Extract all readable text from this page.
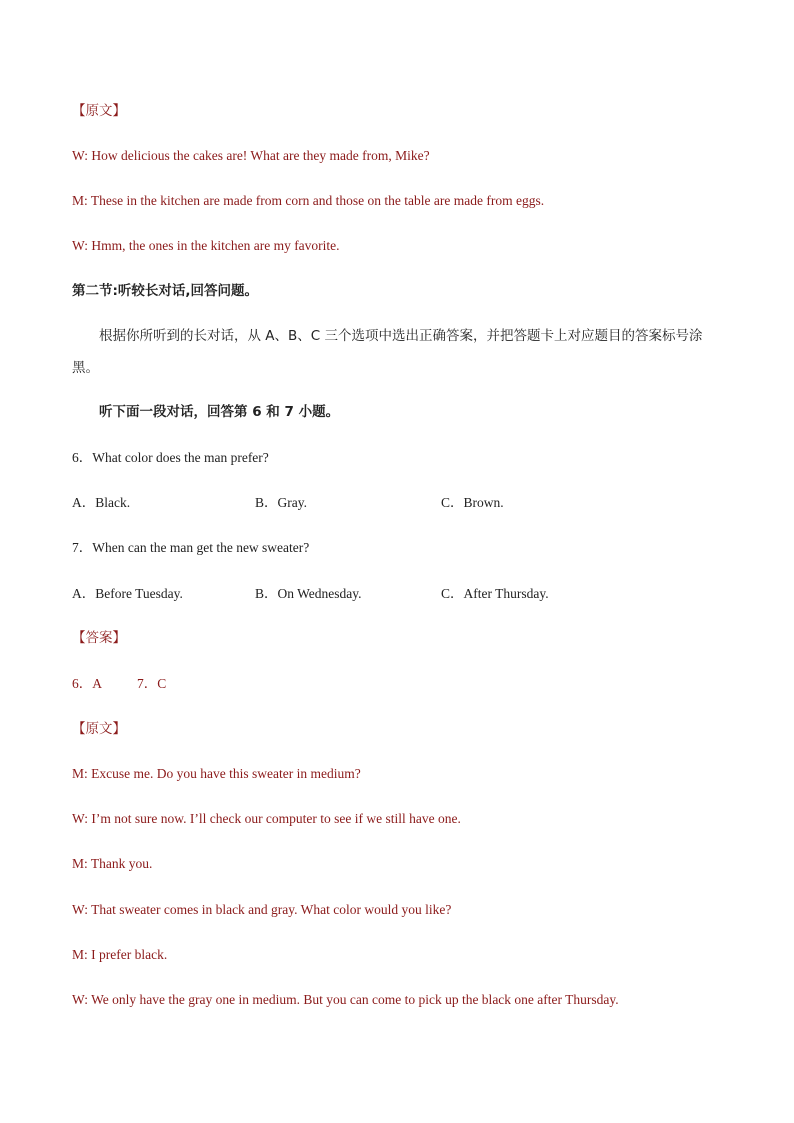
【原文】
W: How delicious the cakes are! What are they made from, Mike?
M: These in the kitchen are made from corn and those on the table are made from eggs.
W: Hmm, the ones in the kitchen are my favorite.
第二节:听较长对话,回答问题。
根据你所听到的长对话，从 A、B、C 三个选项中选出正确答案，并把答题卡上对应题目的答案标号涂黑。
听下面一段对话，回答第 6 和 7 小题。
6．What color does the man prefer?
A．Black.	B．Gray.	C．Brown.
7．When can the man get the new sweater?
A．Before Tuesday.	B．On Wednesday.	C．After Thursday.
【答案】
6．A	7．C
【原文】
M: Excuse me. Do you have this sweater in medium?
W: I’m not sure now. I’ll check our computer to see if we still have one.
M: Thank you.
W: That sweater comes in black and gray. What color would you like?
M: I prefer black.
W: We only have the gray one in medium. But you can come to pick up the black one after Thursday.
